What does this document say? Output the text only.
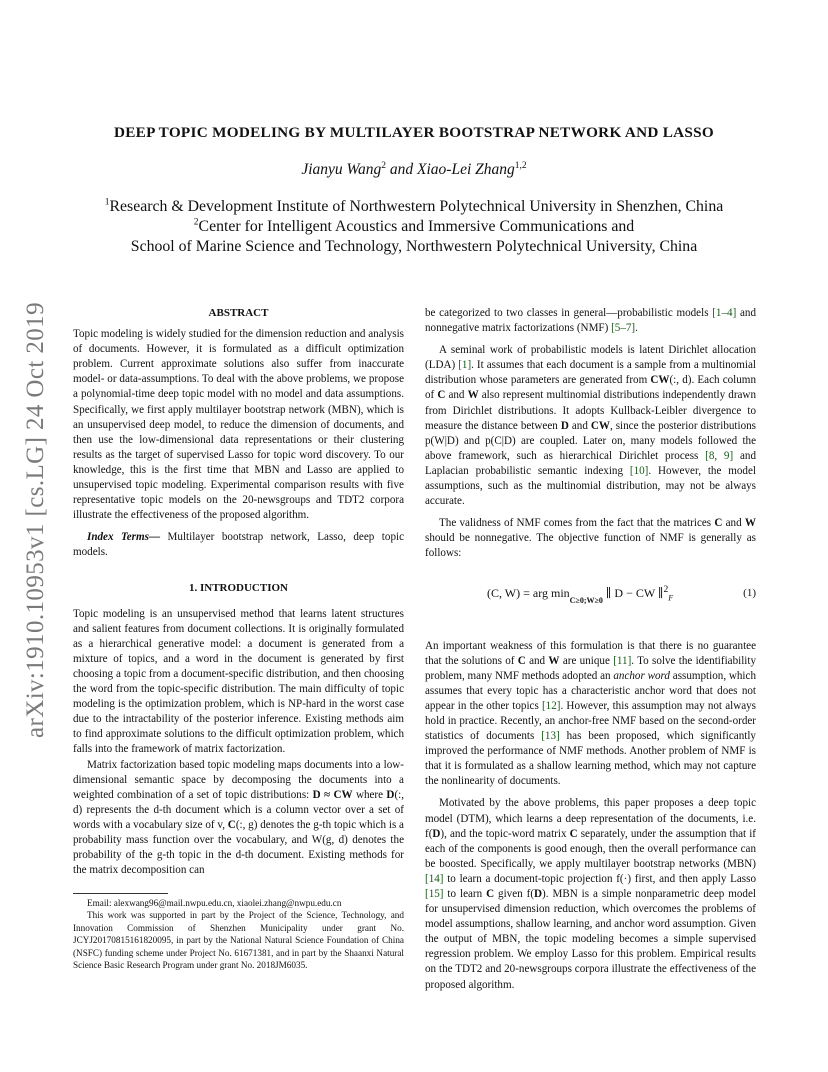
arXiv:1910.10953v1 [cs.LG] 24 Oct 2019
DEEP TOPIC MODELING BY MULTILAYER BOOTSTRAP NETWORK AND LASSO
Jianyu Wang$^2$ and Xiao-Lei Zhang$^{1,2}$
$^1$Research & Development Institute of Northwestern Polytechnical University in Shenzhen, China
$^2$Center for Intelligent Acoustics and Immersive Communications and
School of Marine Science and Technology, Northwestern Polytechnical University, China

ABSTRACT

Topic modeling is widely studied for the dimension reduction and analysis of documents. However, it is formulated as a difficult optimization problem. Current approximate solutions also suffer from inaccurate model- or data-assumptions. To deal with the above problems, we propose a polynomial-time deep topic model with no model and data assumptions. Specifically, we first apply multilayer bootstrap network (MBN), which is an unsupervised deep model, to reduce the dimension of documents, and then use the low-dimensional data representations or their clustering results as the target of supervised Lasso for topic word discovery. To our knowledge, this is the first time that MBN and Lasso are applied to unsupervised topic modeling. Experimental comparison results with five representative topic models on the 20-newsgroups and TDT2 corpora illustrate the effectiveness of the proposed algorithm.

Index Terms— Multilayer bootstrap network, Lasso, deep topic models.

1. INTRODUCTION

Topic modeling is an unsupervised method that learns latent structures and salient features from document collections. It is originally formulated as a hierarchical generative model: a document is generated from a mixture of topics, and a word in the document is generated by first choosing a topic from a document-specific distribution, and then choosing the word from the topic-specific distribution. The main difficulty of topic modeling is the optimization problem, which is NP-hard in the worst case due to the intractability of the posterior inference. Existing methods aim to find approximate solutions to the difficult optimization problem, which falls into the framework of matrix factorization.

Matrix factorization based topic modeling maps documents into a low-dimensional semantic space by decomposing the documents into a weighted combination of a set of topic distributions: D ≈ CW where D(:, d) represents the d-th document which is a column vector over a set of words with a vocabulary size of v, C(:, g) denotes the g-th topic which is a probability mass function over the vocabulary, and W(g, d) denotes the probability of the g-th topic in the d-th document. Existing methods for the matrix decomposition can

be categorized to two classes in general—probabilistic models [1–4] and nonnegative matrix factorizations (NMF) [5–7].

A seminal work of probabilistic models is latent Dirichlet allocation (LDA) [1]. It assumes that each document is a sample from a multinomial distribution whose parameters are generated from CW(:, d). Each column of C and W also represent multinomial distributions independently drawn from Dirichlet distributions. It adopts Kullback-Leibler divergence to measure the distance between D and CW, since the posterior distributions p(W|D) and p(C|D) are coupled. Later on, many models followed the above framework, such as hierarchical Dirichlet process [8, 9] and Laplacian probabilistic semantic indexing [10]. However, the model assumptions, such as the multinomial distribution, may not be always accurate.

The validness of NMF comes from the fact that the matrices C and W should be nonnegative. The objective function of NMF is generally as follows:

(C, W) = arg $\min_{C\ge 0;W\ge 0}$ ∥ D − CW ∥$^2_F$	(1)

An important weakness of this formulation is that there is no guarantee that the solutions of C and W are unique [11]. To solve the identifiability problem, many NMF methods adopted an anchor word assumption, which assumes that every topic has a characteristic anchor word that does not appear in the other topics [12]. However, this assumption may not always hold in practice. Recently, an anchor-free NMF based on the second-order statistics of documents [13] has been proposed, which significantly improved the performance of NMF methods. Another problem of NMF is that it is formulated as a shallow learning method, which may not capture the nonlinearity of documents.

Motivated by the above problems, this paper proposes a deep topic model (DTM), which learns a deep representation of the documents, i.e. f(D), and the topic-word matrix C separately, under the assumption that if each of the components is good enough, then the overall performance can be boosted. Specifically, we apply multilayer bootstrap networks (MBN) [14] to learn a document-topic projection f(·) first, and then apply Lasso [15] to learn C given f(D). MBN is a simple nonparametric deep model for unsupervised dimension reduction, which overcomes the problems of model assumptions, shallow learning, and anchor word assumption. Given the output of MBN, the topic modeling becomes a simple supervised regression problem. We employ Lasso for this problem. Empirical results on the TDT2 and 20-newsgroups corpora illustrate the effectiveness of the proposed algorithm.

Email: alexwang96@mail.nwpu.edu.cn, xiaolei.zhang@nwpu.edu.cn

This work was supported in part by the Project of the Science, Technology, and Innovation Commission of Shenzhen Municipality under grant No. JCYJ20170815161820095, in part by the National Natural Science Foundation of China (NSFC) funding scheme under Project No. 61671381, and in part by the Shaanxi Natural Science Basic Research Program under grant No. 2018JM6035.
